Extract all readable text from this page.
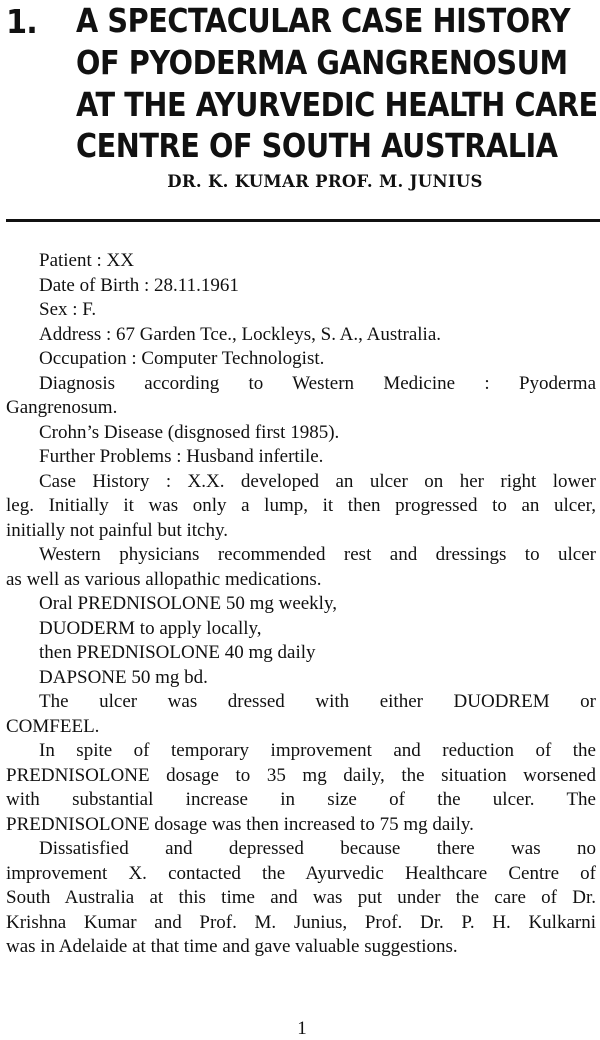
1. A SPECTACULAR CASE HISTORY
OF PYODERMA GANGRENOSUM
AT THE AYURVEDIC HEALTH CARE
CENTRE OF SOUTH AUSTRALIA
DR. K. KUMAR PROF. M. JUNIUS
Patient : XX
Date of Birth : 28.11.1961
Sex : F.
Address : 67 Garden Tce., Lockleys, S. A., Australia.
Occupation : Computer Technologist.
Diagnosis according to Western Medicine : Pyoderma
Gangrenosum.
Crohn’s Disease (disgnosed first 1985).
Further Problems : Husband infertile.
Case History : X.X. developed an ulcer on her right lower
leg. Initially it was only a lump, it then progressed to an ulcer,
initially not painful but itchy.
Western physicians recommended rest and dressings to ulcer
as well as various allopathic medications.
Oral PREDNISOLONE 50 mg weekly,
DUODERM to apply locally,
then PREDNISOLONE 40 mg daily
DAPSONE 50 mg bd.
The ulcer was dressed with either DUODREM or
COMFEEL.
In spite of temporary improvement and reduction of the
PREDNISOLONE dosage to 35 mg daily, the situation worsened
with substantial increase in size of the ulcer. The
PREDNISOLONE dosage was then increased to 75 mg daily.
Dissatisfied and depressed because there was no
improvement X. contacted the Ayurvedic Healthcare Centre of
South Australia at this time and was put under the care of Dr.
Krishna Kumar and Prof. M. Junius, Prof. Dr. P. H. Kulkarni
was in Adelaide at that time and gave valuable suggestions.
1
